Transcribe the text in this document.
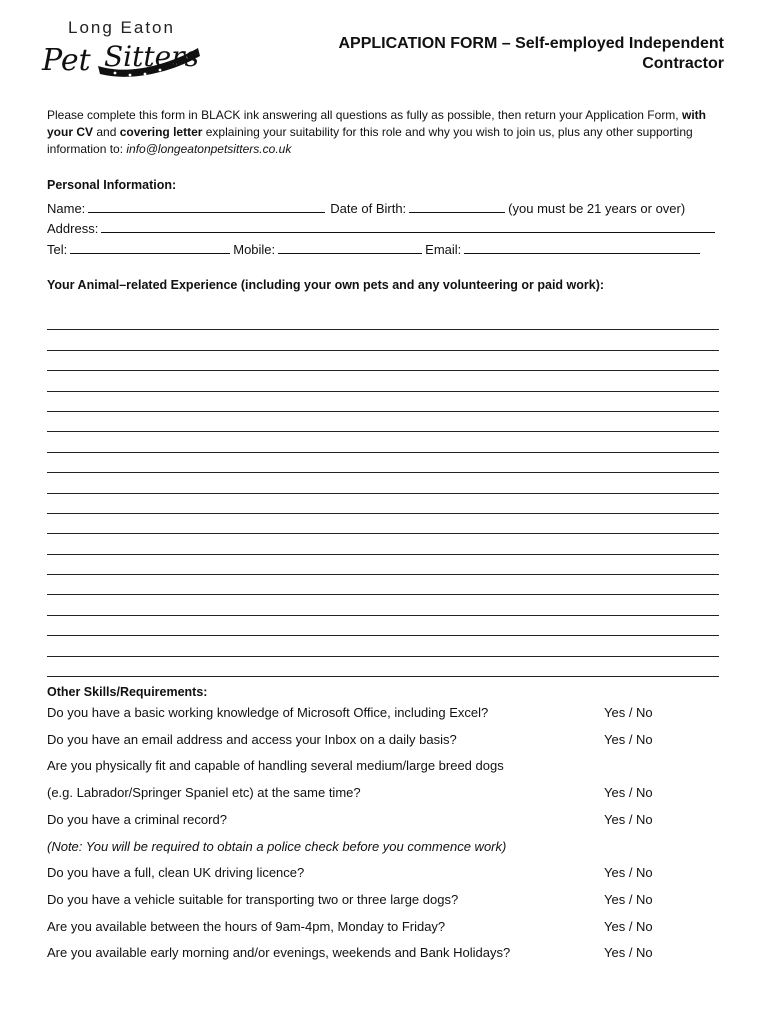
Long Eaton
Pet Sitters	APPLICATION FORM – Self-employed Independent
Contractor
Please complete this form in BLACK ink answering all questions as fully as possible, then return your Application Form, with your CV and covering letter explaining your suitability for this role and why you wish to join us, plus any other supporting information to: info@longeatonpetsitters.co.uk
Personal Information:
Name:	Date of Birth:	(you must be 21 years or over)
Address:
Tel:	Mobile:	Email:
Your Animal–related Experience (including your own pets and any volunteering or paid work):
Other Skills/Requirements:
Do you have a basic working knowledge of Microsoft Office, including Excel?	Yes / No
Do you have an email address and access your Inbox on a daily basis?	Yes / No
Are you physically fit and capable of handling several medium/large breed dogs
(e.g. Labrador/Springer Spaniel etc) at the same time?	Yes / No
Do you have a criminal record?	Yes / No
(Note: You will be required to obtain a police check before you commence work)
Do you have a full, clean UK driving licence?	Yes / No
Do you have a vehicle suitable for transporting two or three large dogs?	Yes / No
Are you available between the hours of 9am-4pm, Monday to Friday?	Yes / No
Are you available early morning and/or evenings, weekends and Bank Holidays?	Yes / No
